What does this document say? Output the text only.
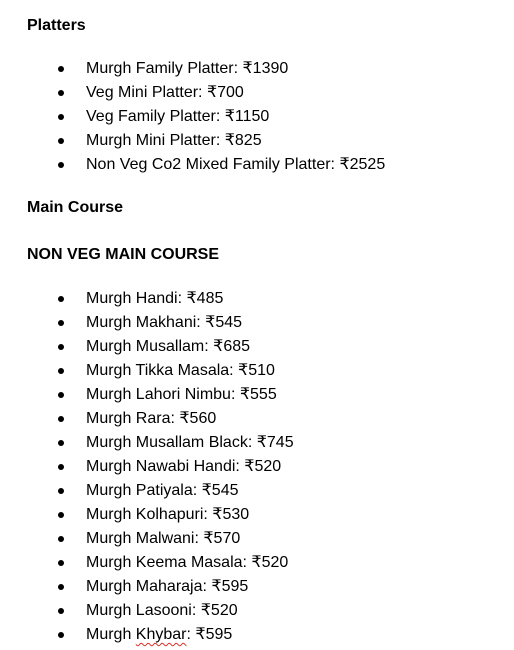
Platters
Murgh Family Platter: ₹1390
Veg Mini Platter: ₹700
Veg Family Platter: ₹1150
Murgh Mini Platter: ₹825
Non Veg Co2 Mixed Family Platter: ₹2525
Main Course
NON VEG MAIN COURSE
Murgh Handi: ₹485
Murgh Makhani: ₹545
Murgh Musallam: ₹685
Murgh Tikka Masala: ₹510
Murgh Lahori Nimbu: ₹555
Murgh Rara: ₹560
Murgh Musallam Black: ₹745
Murgh Nawabi Handi: ₹520
Murgh Patiyala: ₹545
Murgh Kolhapuri: ₹530
Murgh Malwani: ₹570
Murgh Keema Masala: ₹520
Murgh Maharaja: ₹595
Murgh Lasooni: ₹520
Murgh Khybar: ₹595
